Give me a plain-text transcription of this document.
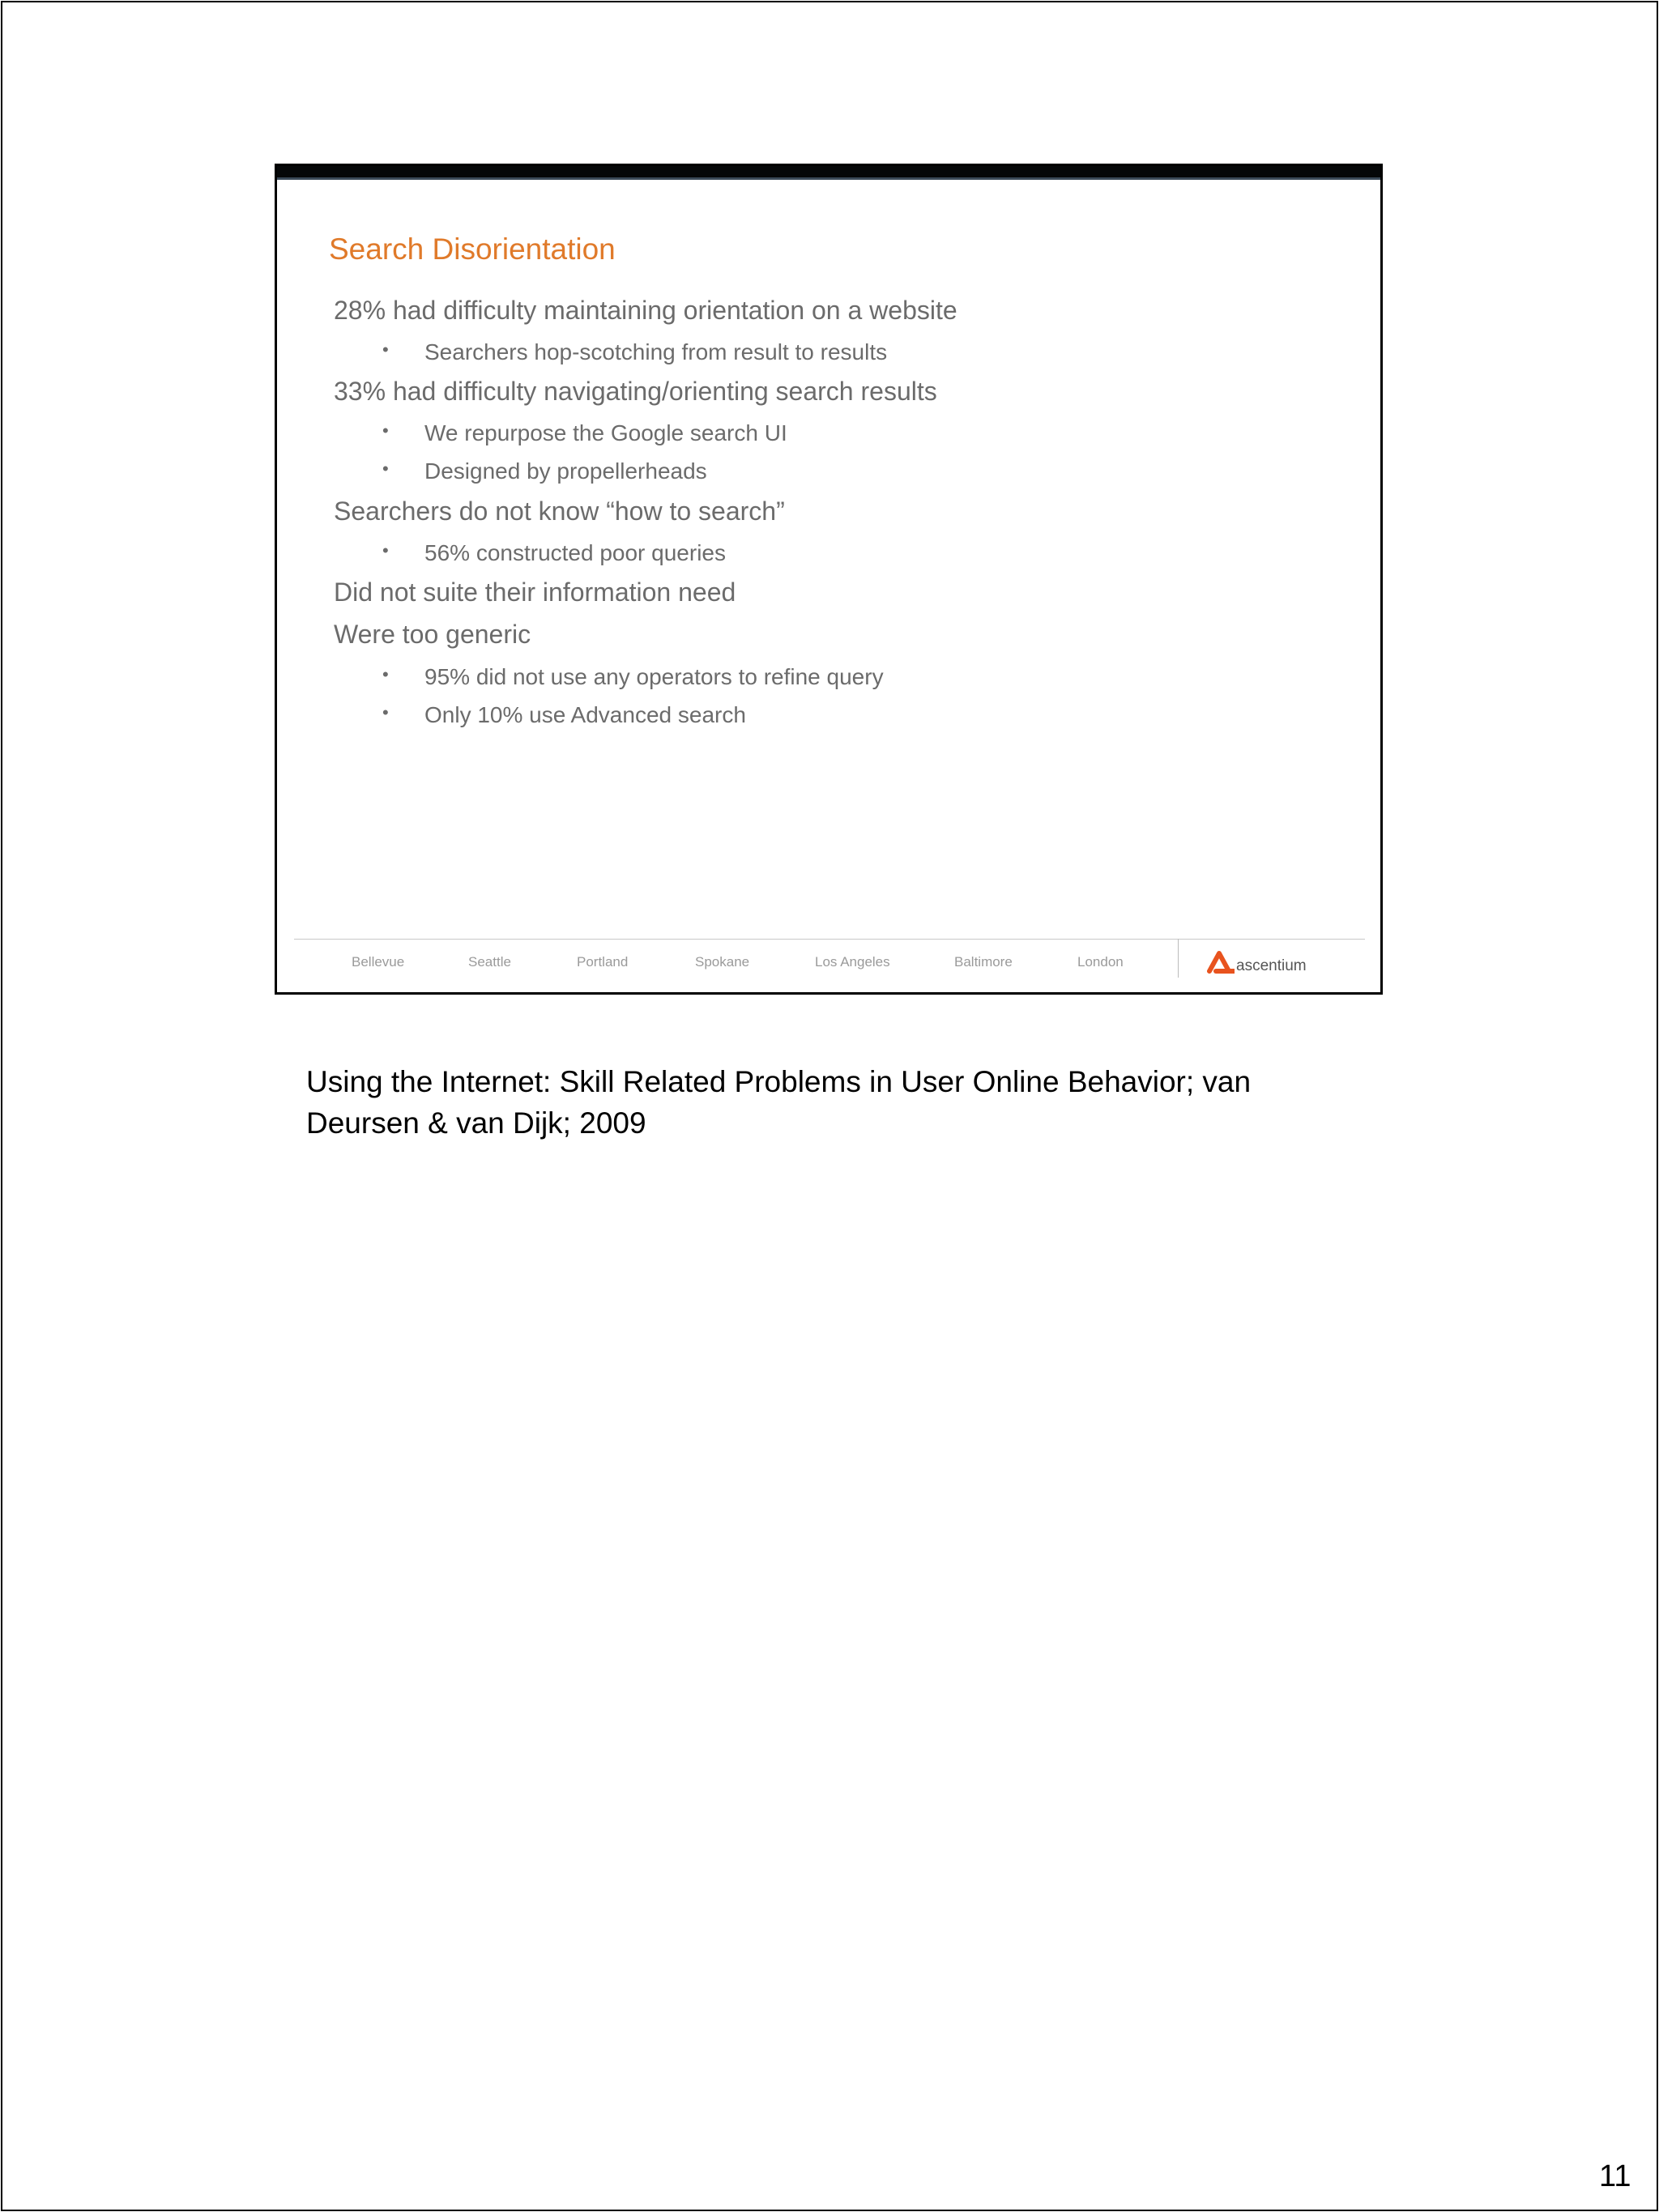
Search Disorientation
28% had difficulty maintaining orientation on a website
• Searchers hop-scotching from result to results
33% had difficulty navigating/orienting search results
• We repurpose the Google search UI
• Designed by propellerheads
Searchers do not know “how to search”
• 56% constructed poor queries
Did not suite their information need
Were too generic
• 95% did not use any operators to refine query
• Only 10% use Advanced search
Bellevue	Seattle	Portland	Spokane	Los Angeles	Baltimore	London	ascentium
Using the Internet: Skill Related Problems in User Online Behavior; van
Deursen & van Dijk; 2009
11
